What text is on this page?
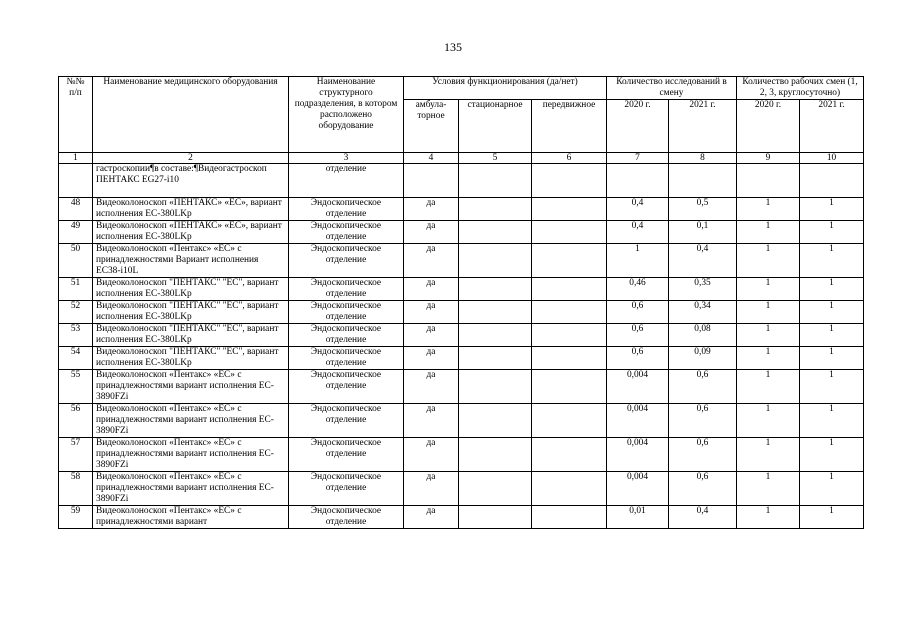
135
№№ п/п	Наименование медицинского оборудования	Наименование структурного подразделения, в котором расположено оборудование	Условия функционирования (да/нет)			Количество исследований в смену		Количество рабочих смен (1, 2, 3, круглосуточно)	
			амбула-торное	стационарное	передвижное	2020 г.	2021 г.	2020 г.	2021 г.
1	2	3	4	5	6	7	8	9	10
	гастроскопии¶в составе:¶Видеогастроскоп ПЕНТАКС EG27-i10	отделение							
48	Видеоколоноскоп «ПЕНТАКС» «ЕС», вариант исполнения EC-380LKp	Эндоскопическое отделение	да			0,4	0,5	1	1
49	Видеоколоноскоп «ПЕНТАКС» «ЕС», вариант исполнения EC-380LKp	Эндоскопическое отделение	да			0,4	0,1	1	1
50	Видеоколоноскоп «Пентакс» «ЕС» с принадлежностями Вариант исполнения EC38-i10L	Эндоскопическое отделение	да			1	0,4	1	1
51	Видеоколоноскоп "ПЕНТАКС" "ЕС", вариант исполнения EC-380LKp	Эндоскопическое отделение	да			0,46	0,35	1	1
52	Видеоколоноскоп "ПЕНТАКС" "ЕС", вариант исполнения EC-380LKp	Эндоскопическое отделение	да			0,6	0,34	1	1
53	Видеоколоноскоп "ПЕНТАКС" "ЕС", вариант исполнения EC-380LKp	Эндоскопическое отделение	да			0,6	0,08	1	1
54	Видеоколоноскоп "ПЕНТАКС" "ЕС", вариант исполнения EC-380LKp	Эндоскопическое отделение	да			0,6	0,09	1	1
55	Видеоколоноскоп «Пентакс» «ЕС» с принадлежностями вариант исполнения EC-3890FZi	Эндоскопическое отделение	да			0,004	0,6	1	1
56	Видеоколоноскоп «Пентакс» «ЕС» с принадлежностями вариант исполнения EC-3890FZi	Эндоскопическое отделение	да			0,004	0,6	1	1
57	Видеоколоноскоп «Пентакс» «ЕС» с принадлежностями вариант исполнения EC-3890FZi	Эндоскопическое отделение	да			0,004	0,6	1	1
58	Видеоколоноскоп «Пентакс» «ЕС» с принадлежностями вариант исполнения EC-3890FZi	Эндоскопическое отделение	да			0,004	0,6	1	1
59	Видеоколоноскоп «Пентакс» «ЕС» с принадлежностями вариант	Эндоскопическое отделение	да			0,01	0,4	1	1
